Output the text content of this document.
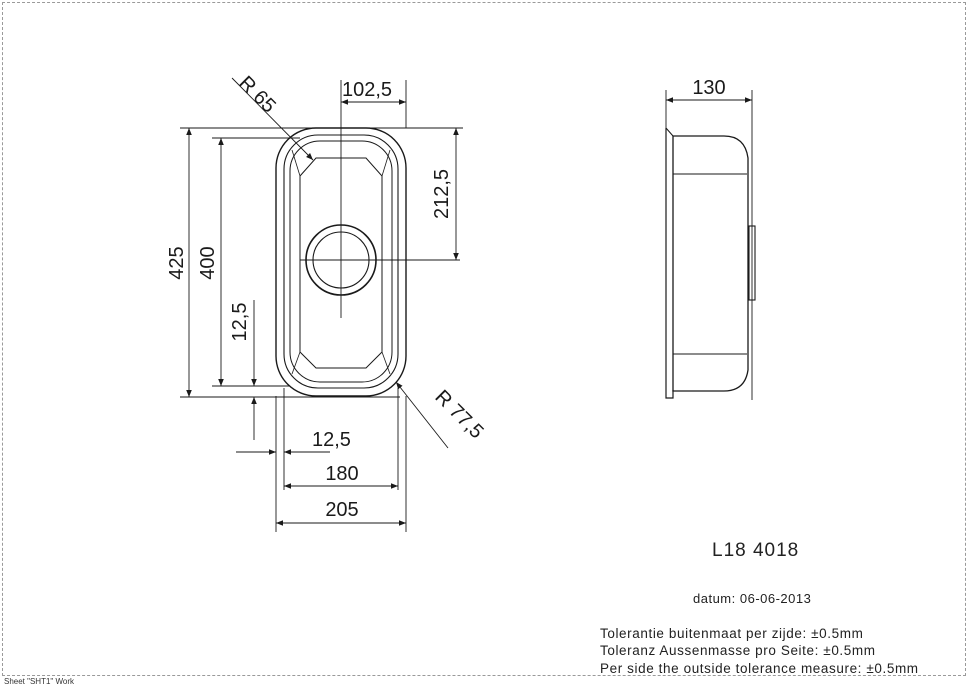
102,5
R 65
425 400
12,5
212,5
R 77,5
12,5
180
205
130
L18 4018
datum: 06-06-2013
Tolerantie buitenmaat per zijde: ±0.5mm
Toleranz Aussenmasse pro Seite: ±0.5mm
Per side the outside tolerance measure: ±0.5mm
Sheet "SHT1" Work
